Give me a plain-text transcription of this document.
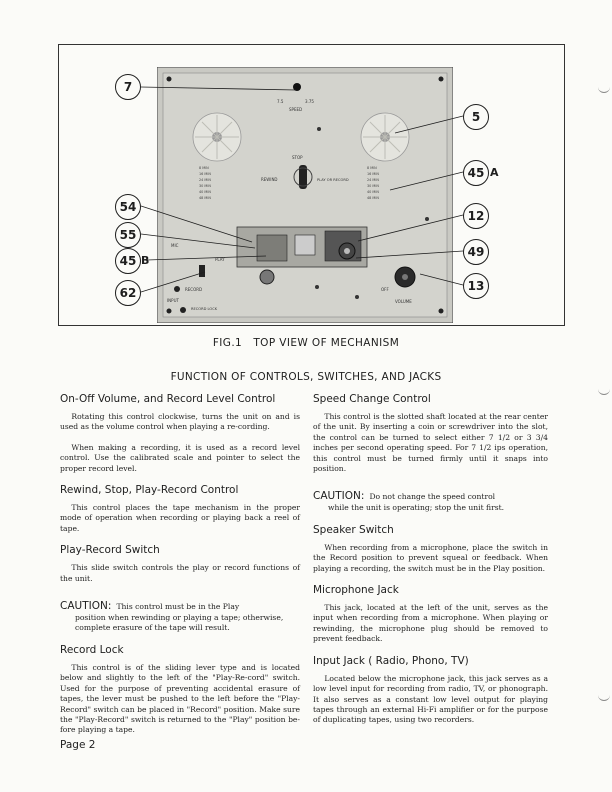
7.5	3.75
SPEED
8 MIN
16 MIN
24 MIN
30 MIN
40 MIN
48 MIN
8 MIN
16 MIN
24 MIN
30 MIN
40 MIN
48 MIN
STOP
REWIND	PLAY OR RECORD
MIC
PLAY
RECORD
INPUT
RECORD LOCK
VOLUME
OFF
7
5
45 A
54
12
55
49
45 B
62	13
FIG.1   TOP VIEW OF MECHANISM
FUNCTION OF CONTROLS, SWITCHES, AND JACKS
On-Off Volume, and Record Level Control

Rotating this control clockwise, turns the unit on and is used as the volume control when playing a re-cording.

When making a recording, it is used as a record level control. Use the calibrated scale and pointer to select the proper record level.

Rewind, Stop, Play-Record Control

This control places the tape mechanism in the proper mode of operation when recording or playing back a reel of tape.

Play-Record Switch

This slide switch controls the play or record functions of the unit.

CAUTION: This control must be in the Play
position when rewinding or playing a tape; otherwise, complete erasure of the tape will result.
Record Lock

This control is of the sliding lever type and is located below and slightly to the left of the "Play-Re-cord" switch. Used for the purpose of preventing accidental erasure of tapes, the lever must be pushed to the left before the "Play-Record" switch can be placed in "Record" position. Make sure the "Play-Record" switch is returned to the "Play" position be-fore playing a tape.

Speed Change Control

This control is the slotted shaft located at the rear center of the unit. By inserting a coin or screwdriver into the slot, the control can be turned to select either 7 1/2 or 3 3/4 inches per second operating speed. For 7 1/2 ips operation, this control must be turned firmly until it snaps into position.

CAUTION: Do not change the speed control
while the unit is operating; stop the unit first.
Speaker Switch

When recording from a microphone, place the switch in the Record position to prevent squeal or feedback. When playing a recording, the switch must be in the Play position.

Microphone Jack

This jack, located at the left of the unit, serves as the input when recording from a microphone. When playing or rewinding, the microphone plug should be removed to prevent feedback.

Input Jack ( Radio, Phono, TV)

Located below the microphone jack, this jack serves as a low level input for recording from radio, TV, or phonograph. It also serves as a constant low level output for playing tapes through an external Hi-Fi amplifier or for the purpose of duplicating tapes, using two recorders.

Page 2
